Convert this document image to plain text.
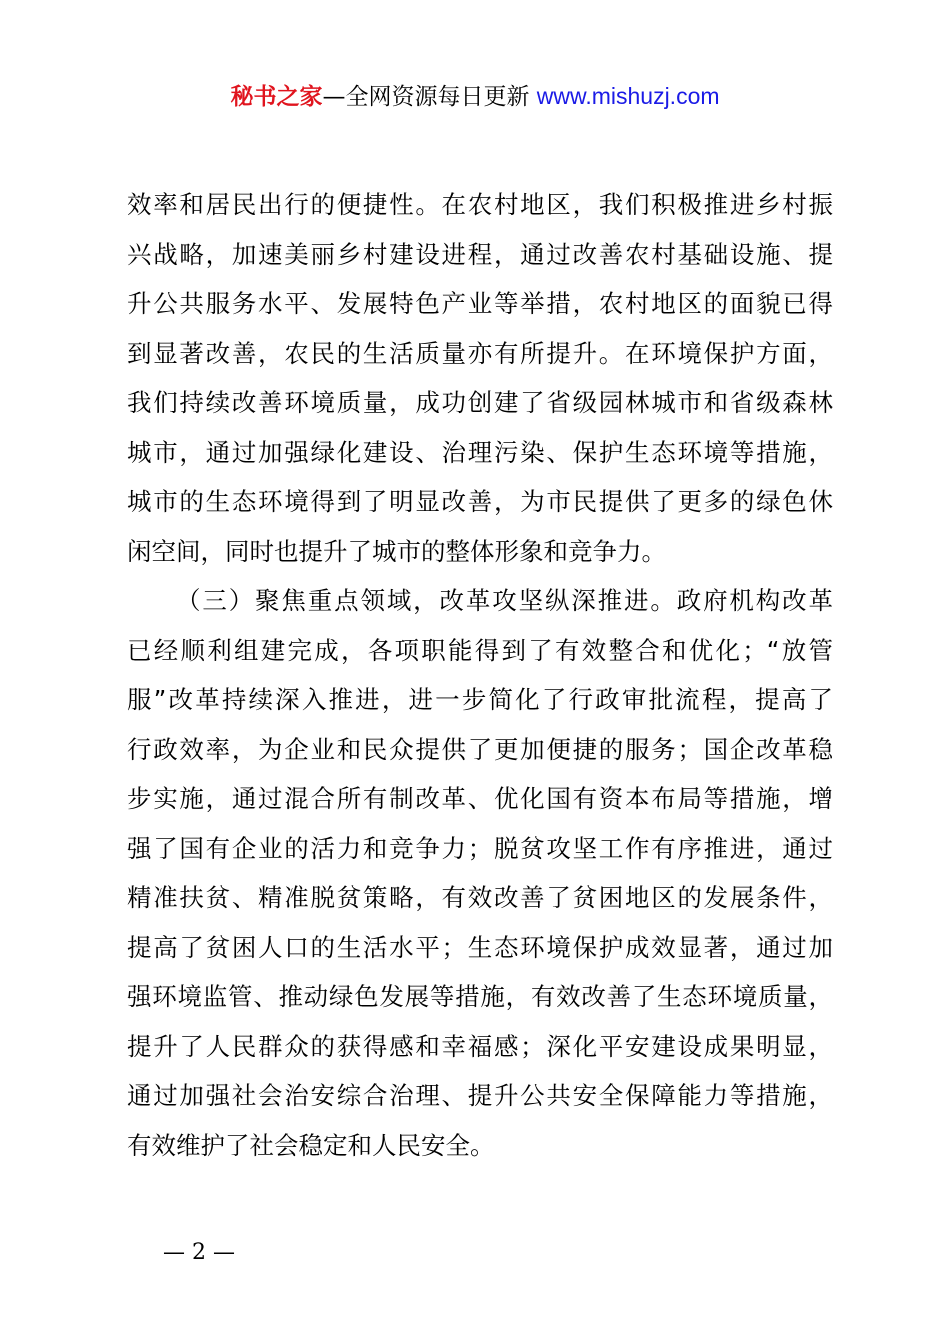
秘书之家—全网资源每日更新 www.mishuzj.com
效率和居民出行的便捷性。在农村地区，我们积极推进乡村振
兴战略，加速美丽乡村建设进程，通过改善农村基础设施、提
升公共服务水平、发展特色产业等举措，农村地区的面貌已得
到显著改善，农民的生活质量亦有所提升。在环境保护方面，
我们持续改善环境质量，成功创建了省级园林城市和省级森林
城市，通过加强绿化建设、治理污染、保护生态环境等措施，
城市的生态环境得到了明显改善，为市民提供了更多的绿色休
闲空间，同时也提升了城市的整体形象和竞争力。
（三）聚焦重点领域，改革攻坚纵深推进。政府机构改革
已经顺利组建完成，各项职能得到了有效整合和优化；“放管
服”改革持续深入推进，进一步简化了行政审批流程，提高了
行政效率，为企业和民众提供了更加便捷的服务；国企改革稳
步实施，通过混合所有制改革、优化国有资本布局等措施，增
强了国有企业的活力和竞争力；脱贫攻坚工作有序推进，通过
精准扶贫、精准脱贫策略，有效改善了贫困地区的发展条件，
提高了贫困人口的生活水平；生态环境保护成效显著，通过加
强环境监管、推动绿色发展等措施，有效改善了生态环境质量，
提升了人民群众的获得感和幸福感；深化平安建设成果明显，
通过加强社会治安综合治理、提升公共安全保障能力等措施，
有效维护了社会稳定和人民安全。
— 2 —
